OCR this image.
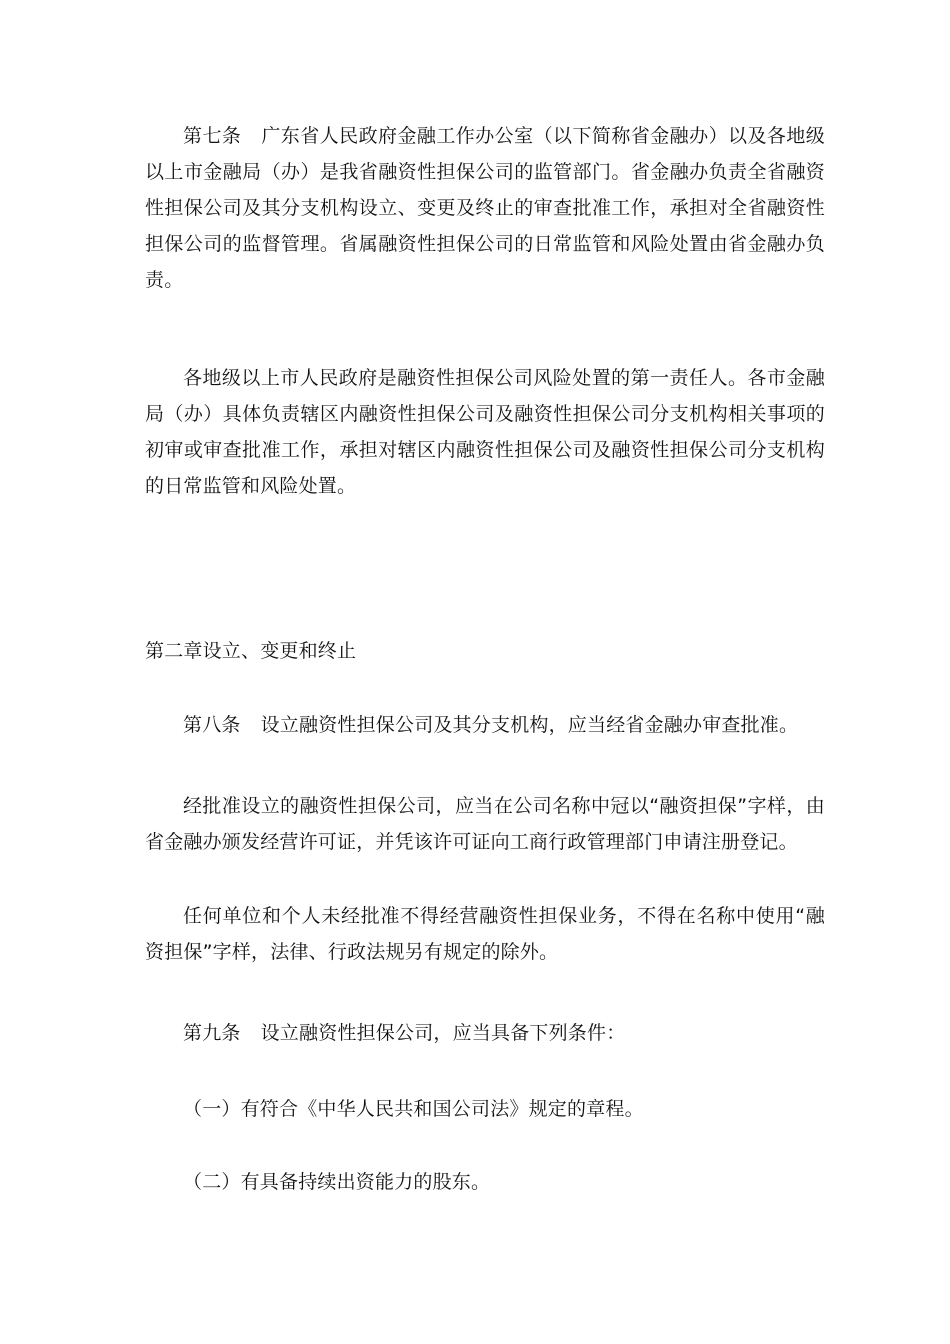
第七条 广东省人民政府金融工作办公室（以下简称省金融办）以及各地级以上市金融局（办）是我省融资性担保公司的监管部门。省金融办负责全省融资性担保公司及其分支机构设立、变更及终止的审查批准工作，承担对全省融资性担保公司的监督管理。省属融资性担保公司的日常监管和风险处置由省金融办负责。

各地级以上市人民政府是融资性担保公司风险处置的第一责任人。各市金融局（办）具体负责辖区内融资性担保公司及融资性担保公司分支机构相关事项的初审或审查批准工作，承担对辖区内融资性担保公司及融资性担保公司分支机构的日常监管和风险处置。

第二章设立、变更和终止

第八条 设立融资性担保公司及其分支机构，应当经省金融办审查批准。

经批准设立的融资性担保公司，应当在公司名称中冠以“融资担保”字样，由省金融办颁发经营许可证，并凭该许可证向工商行政管理部门申请注册登记。

任何单位和个人未经批准不得经营融资性担保业务，不得在名称中使用“融资担保”字样，法律、行政法规另有规定的除外。

第九条 设立融资性担保公司，应当具备下列条件：

（一）有符合《中华人民共和国公司法》规定的章程。

（二）有具备持续出资能力的股东。
